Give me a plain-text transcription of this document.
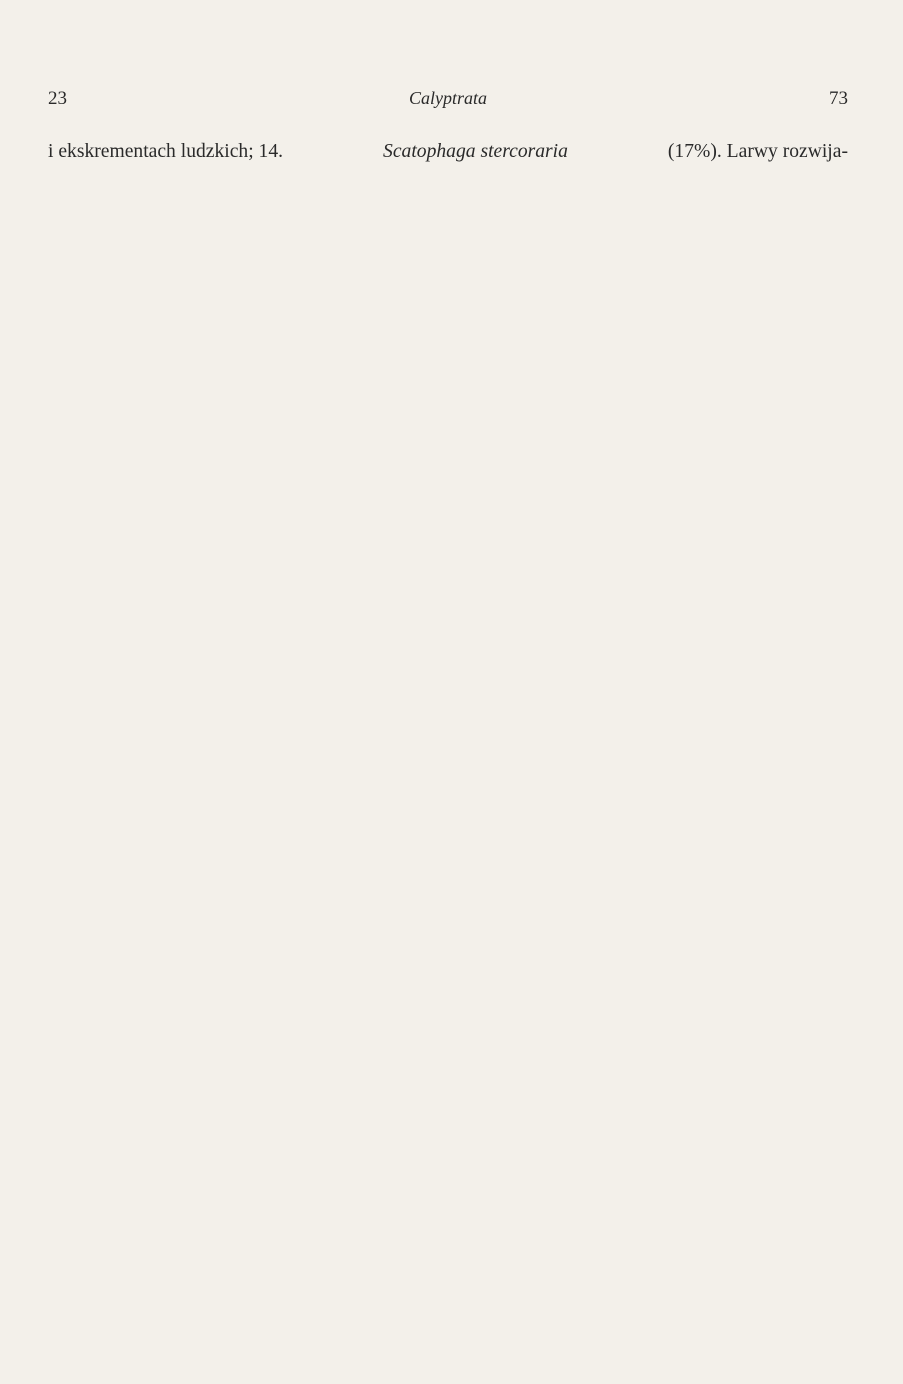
23	Calyptrata	73
i ekskrementach ludzkich; 14.	Scatophaga stercoraria	(17%). Larwy rozwija-
